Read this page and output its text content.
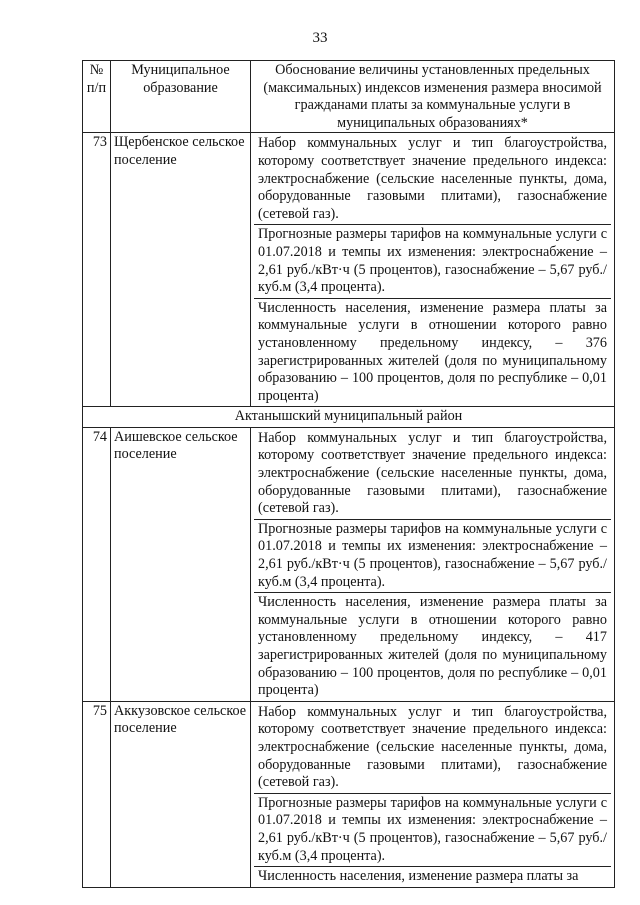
33
№ п/п	Муниципальное образование	Обоснование величины установленных предельных (максимальных) индексов изменения размера вносимой гражданами платы за коммунальные услуги в муниципальных образованиях*
73	Щербенское сельское поселение	Набор коммунальных услуг и тип благоустройства, которому соответствует значение предельного индекса: электроснабжение (сельские населенные пункты, дома, оборудованные газовыми плитами), газоснабжение (сетевой газ).

Прогнозные размеры тарифов на коммунальные услуги с 01.07.2018 и темпы их изменения: электроснабжение – 2,61 руб./кВт·ч (5 процентов), газоснабжение – 5,67 руб./куб.м (3,4 процента).

Численность населения, изменение размера платы за коммунальные услуги в отношении которого равно установленному предельному индексу, – 376 зарегистрированных жителей (доля по муниципальному образованию – 100 процентов, доля по республике – 0,01 процента)

Актанышский муниципальный район		
74	Аишевское сельское поселение	Набор коммунальных услуг и тип благоустройства, которому соответствует значение предельного индекса: электроснабжение (сельские населенные пункты, дома, оборудованные газовыми плитами), газоснабжение (сетевой газ).

Прогнозные размеры тарифов на коммунальные услуги с 01.07.2018 и темпы их изменения: электроснабжение – 2,61 руб./кВт·ч (5 процентов), газоснабжение – 5,67 руб./куб.м (3,4 процента).

Численность населения, изменение размера платы за коммунальные услуги в отношении которого равно установленному предельному индексу, – 417 зарегистрированных жителей (доля по муниципальному образованию – 100 процентов, доля по республике – 0,01 процента)

75	Аккузовское сельское поселение	Набор коммунальных услуг и тип благоустройства, которому соответствует значение предельного индекса: электроснабжение (сельские населенные пункты, дома, оборудованные газовыми плитами), газоснабжение (сетевой газ).

Прогнозные размеры тарифов на коммунальные услуги с 01.07.2018 и темпы их изменения: электроснабжение – 2,61 руб./кВт·ч (5 процентов), газоснабжение – 5,67 руб./куб.м (3,4 процента).

Численность населения, изменение размера платы за
